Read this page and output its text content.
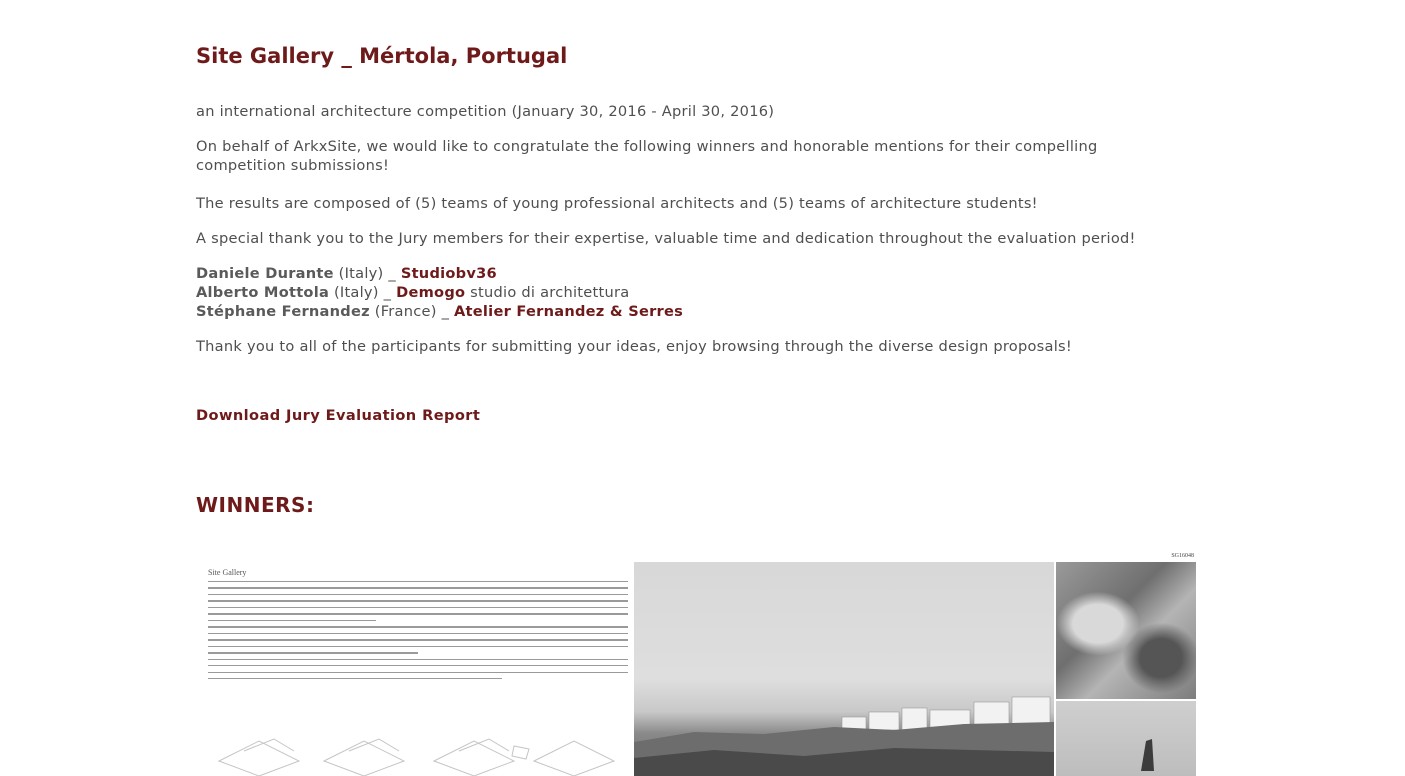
Site Gallery _ Mértola, Portugal

an international architecture competition (January 30, 2016 - April 30, 2016)

On behalf of ArkxSite, we would like to congratulate the following winners and honorable mentions for their compelling competition submissions!

The results are composed of (5) teams of young professional architects and (5) teams of architecture students!

A special thank you to the Jury members for their expertise, valuable time and dedication throughout the evaluation period!

Daniele Durante (Italy) _ Studiobv36
Alberto Mottola (Italy) _ Demogo studio di architettura
Stéphane Fernandez (France) _ Atelier Fernandez & Serres

Thank you to all of the participants for submitting your ideas, enjoy browsing through the diverse design proposals!

Download Jury Evaluation Report
WINNERS:
SG16048
Site Gallery
